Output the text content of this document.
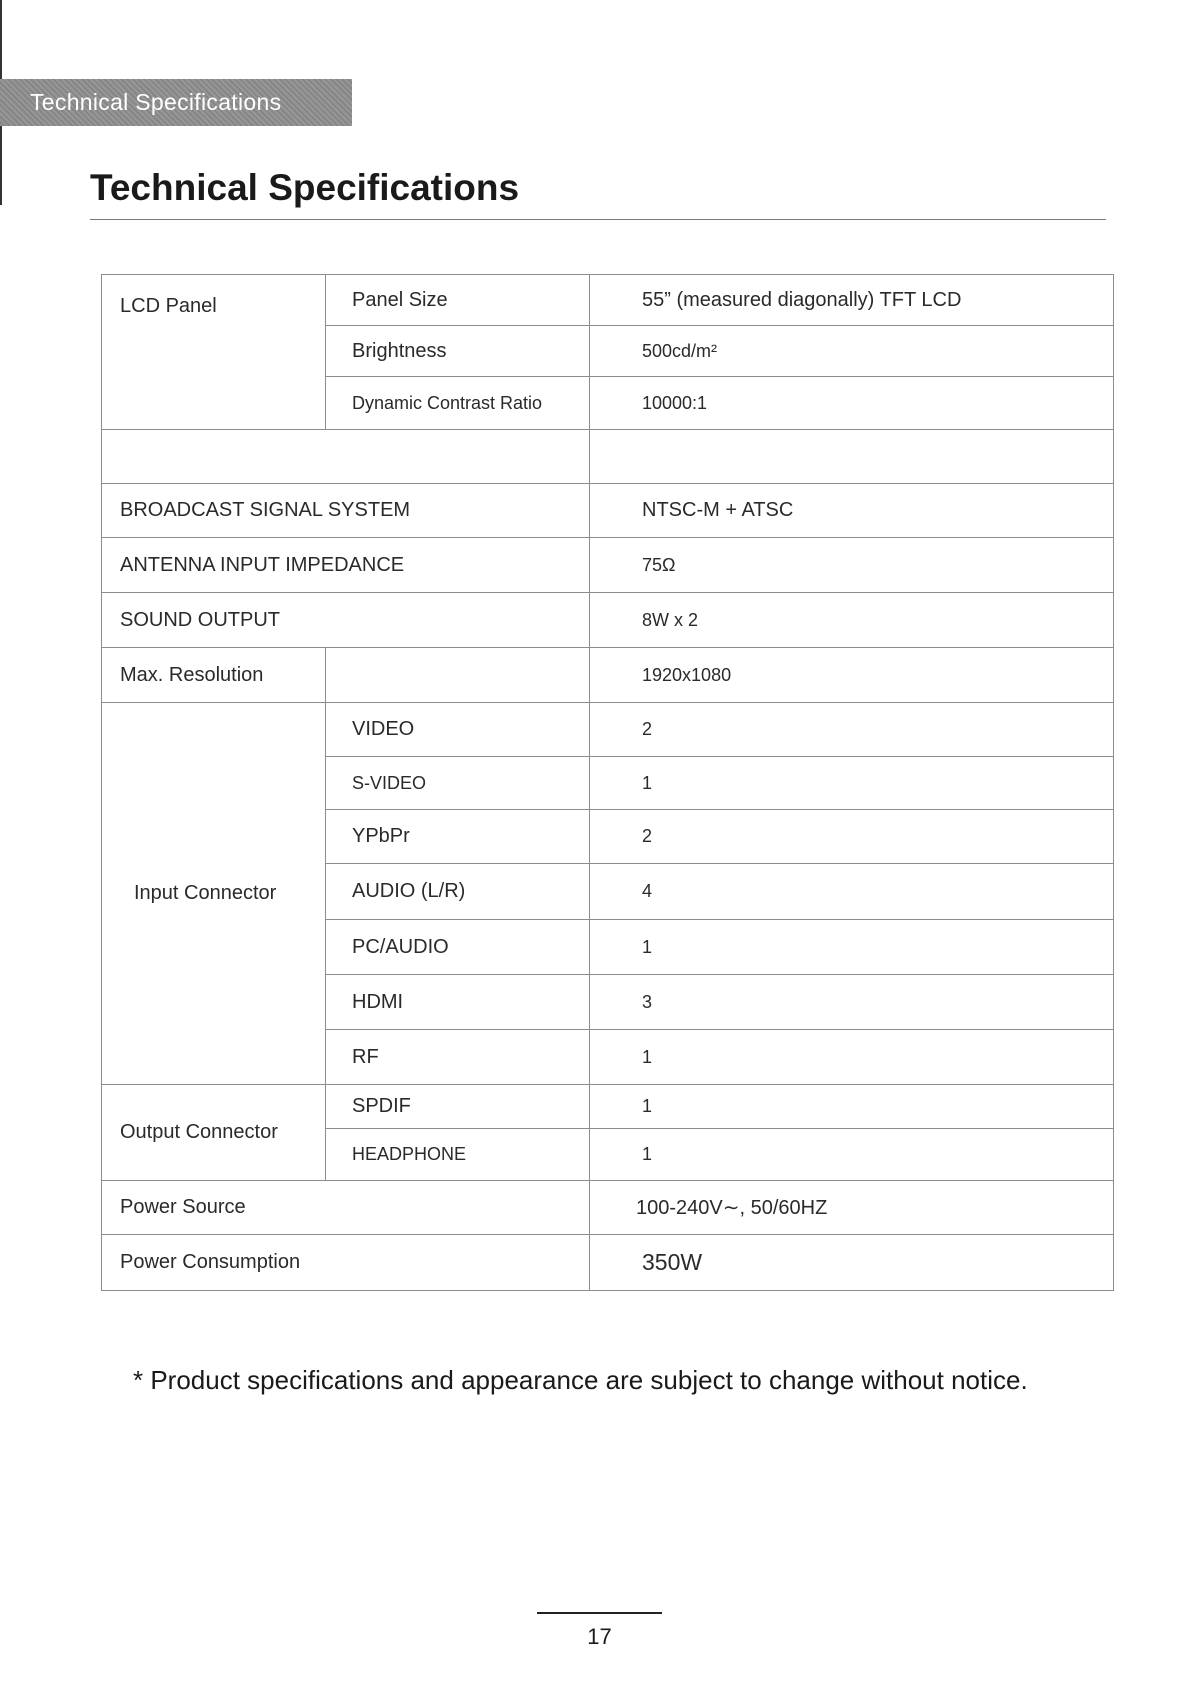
Technical Specifications
Technical Specifications
LCD Panel	Panel Size	55” (measured diagonally) TFT LCD
	Brightness	500cd/m²
	Dynamic Contrast Ratio	10000:1

BROADCAST SIGNAL SYSTEM		NTSC-M + ATSC
ANTENNA INPUT IMPEDANCE		75Ω
SOUND OUTPUT		8W x 2
Max. Resolution		1920x1080
Input Connector	VIDEO	2
	S-VIDEO	1
	YPbPr	2
	AUDIO (L/R)	4
	PC/AUDIO	1
	HDMI	3
	RF	1
Output Connector	SPDIF	1
	HEADPHONE	1
Power Source		100-240V∼, 50/60HZ
Power Consumption		350W
* Product specifications and appearance are subject to change without notice.
17
